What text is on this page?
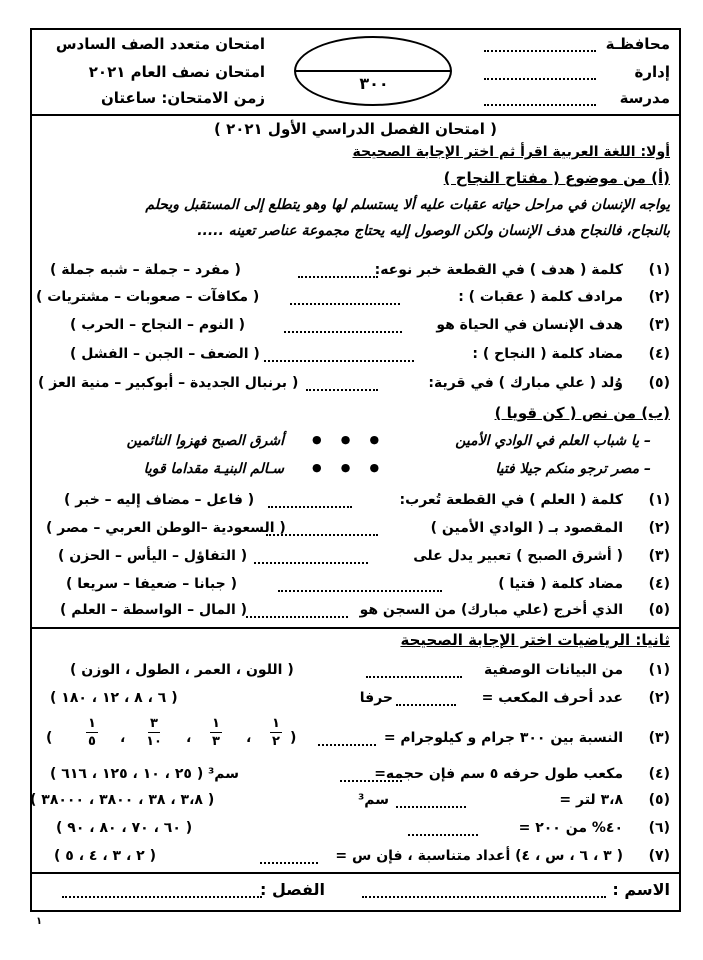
محافظـة
إدارة
مدرسة
٣٠٠
امتحان متعدد الصف السادس
امتحان نصف العام ٢٠٢١
زمن الامتحان: ساعتان
( امتحان الفصل الدراسي الأول ٢٠٢١ )
أولا: اللغة العربية اقرأ ثم اختر الإجابة الصحيحة
(أ) من موضوع ( مفتاح النجاح )
يواجه الإنسان في مراحل حياته عقبات عليه ألا يستسلم لها وهو يتطلع إلى المستقبل ويحلم
بالنجاح، فالنجاح هدف الإنسان ولكن الوصول إليه يحتاج مجموعة عناصر تعينه .....
(١)
كلمة ( هدف ) في القطعة خبر نوعه:
( مفرد – جملة – شبه جملة )
(٢)
مرادف كلمة ( عقبات ) :
( مكافآت – صعوبات – مشتريات )
(٣)
هدف الإنسان في الحياة هو
( النوم – النجاح – الحرب )
(٤)
مضاد كلمة ( النجاح ) :
( الضعف – الجبن – الفشل )
(٥)
وُلد ( علي مبارك ) في قرية:
( برنبال الجديدة – أبوكبير – منية العز )
(ب) من نص ( كن قويا )
– يا شباب العلم في الوادي الأمين
●     ●     ●
أشرق الصبح فهزوا النائمين
– مصر ترجو منكم جيلا فتيا
●     ●     ●
سـالم البنيـة مقداما قويا
(١)
كلمة ( العلم ) في القطعة تُعرب:
( فاعل – مضاف إليه – خبر )
(٢)
المقصود بـ ( الوادي الأمين )
( السعودية –الوطن العربي – مصر )
(٣)
( أشرق الصبح ) تعبير يدل على
( التفاؤل – اليأس – الحزن )
(٤)
مضاد كلمة ( فتيا )
( جبانا – ضعيفا – سريعا )
(٥)
الذي أخرج (علي مبارك) من السجن هو
( المال – الواسطة – العلم )
ثانيا: الرياضيات اختر الإجابة الصحيحة
(١)
من البيانات الوصفية
( اللون ، العمر ، الطول ، الوزن )
(٢)
عدد أحرف المكعب =
حرفا
( ٦ ، ٨ ، ١٢ ، ١٨٠ )
(٣)
النسبة بين ٣٠٠ جرام و كيلوجرام =
(
)
١
٢
،
١
٣
،
٣
١٠
،
١
٥
(٤)
مكعب طول حرفه ٥ سم فإن حجمه=
سم³ ( ٢٥ ، ١٠ ، ١٢٥ ، ٦١٦ )
(٥)
٣،٨ لتر =
سم³
( ٣،٨ ، ٣٨ ، ٣٨٠٠ ، ٣٨٠٠٠ )
(٦)
٤٠% من ٢٠٠ =
( ٦٠ ، ٧٠ ، ٨٠ ، ٩٠ )
(٧)
( ٣ ، ٦ ، س ، ٤) أعداد متناسبة ، فإن س =
( ٢ ، ٣ ، ٤ ، ٥ )
الاسم :
الفصل :
١
